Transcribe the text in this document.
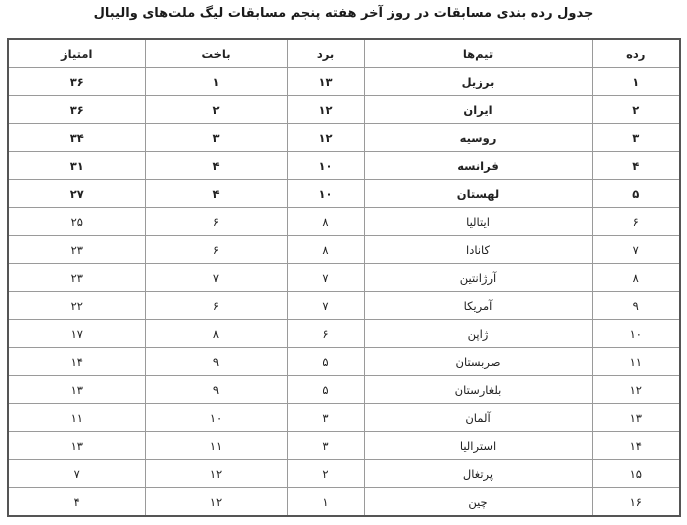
جدول رده بندی مسابقات در روز آخر هفته پنجم مسابقات لیگ ملت‌های والیبال
رده	تیم‌ها	برد	باخت	امتیاز
۱	برزیل	۱۳	۱	۳۶
۲	ایران	۱۲	۲	۳۶
۳	روسیه	۱۲	۳	۳۴
۴	فرانسه	۱۰	۴	۳۱
۵	لهستان	۱۰	۴	۲۷
۶	ایتالیا	۸	۶	۲۵
۷	کانادا	۸	۶	۲۳
۸	آرژانتین	۷	۷	۲۳
۹	آمریکا	۷	۶	۲۲
۱۰	ژاپن	۶	۸	۱۷
۱۱	صربستان	۵	۹	۱۴
۱۲	بلغارستان	۵	۹	۱۳
۱۳	آلمان	۳	۱۰	۱۱
۱۴	استرالیا	۳	۱۱	۱۳
۱۵	پرتغال	۲	۱۲	۷
۱۶	چین	۱	۱۲	۴
